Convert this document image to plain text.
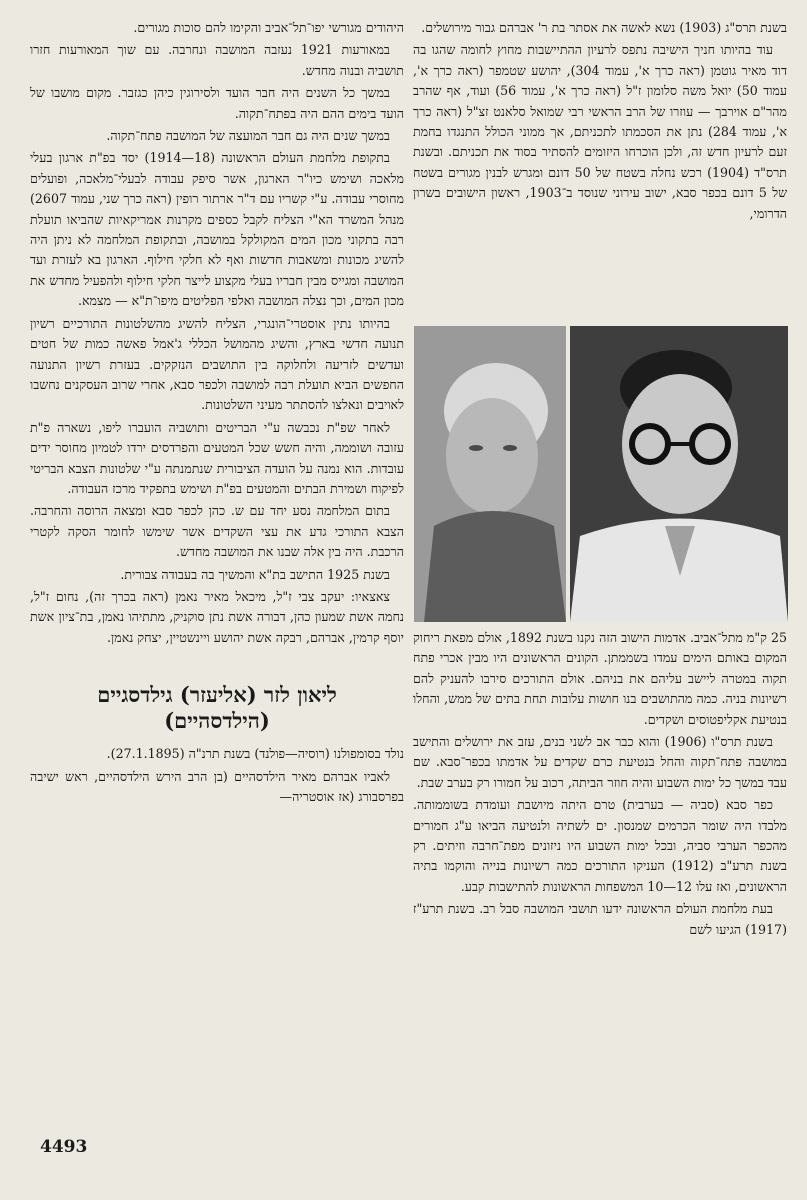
בשנת תרס"ג (1903) נשא לאשה את אסתר בת ר' אברהם גבור מירושלים.

עוד בהיותו חניך הישיבה נתפס לרעיון ההתיישבות מחוץ לחומה שהגו בה דוד מאיר גוטמן (ראה כרך א', עמוד 304), יהושע שטמפר (ראה כרך א', עמוד 50) יואל משה סלומון ז"ל (ראה כרך א', עמוד 56) ועוד, אף שהרב מהר"ם אוירבך — עוזרו של הרב הראשי רבי שמואל סלאנט זצ"ל (ראה כרך א', עמוד 284) נתן את הסכמתו לתכניתם, אך ממוני הכולל התנגדו בחמת זעם לרעיון חדש זה, ולכן הוכרחו היזומים להסתיר בסוד את תכניתם. ובשנת תרס"ד (1904) רכש נחלה בשטח של 50 דונם ומגרש לבנין מגורים בשטח של 5 דונם בכפר סבא, ישוב עירוני שנוסד ב־1903, ראשון הישובים בשרון הדרומי,

25 ק"מ מתל־אביב. אדמות הישוב הזה נקנו בשנת 1892, אולם מפאת ריחוק המקום באותם הימים עמדו בשממתן. הקונים הראשונים היו מבין אכרי פתח תקוה במטרה ליישב עליהם את בניהם. אולם התורכים סירבו להעניק להם רשיונות בניה. כמה מהתושבים בנו חושות עלובות תחת בתים של ממש, והחלו בנטיעת אקליפטוסים ושקדים.

בשנת תרס"ו (1906) והוא כבר אב לשני בנים, עזב את ירושלים והתישב במושבה פתח־תקוה והחל בנטיעת כרם שקדים על אדמתו בכפר־סבא. שם עבד במשך כל ימות השבוע והיה חוזר הביתה, רכוב על חמורו רק בערב שבת.

כפר סבא (סביה — בערבית) טרם היתה מיושבת ועומדת בשוממותה. מלבדו היה שומר הכרמים שמנסון. ים לשתיה ולנטיעה הביאו ע"ג חמורים מהכפר הערבי סביה, ובכל ימות השבוע היו ניזונים מפת־חרבה וזיתים. רק בשנת תרע"ב (1912) העניקו התורכים כמה רשיונות בנייה והוקמו בתיה הראשונים, ואז עלו 12—10 המשפחות הראשונות להתישבות קבע.

בעת מלחמת העולם הראשונה ידעו תושבי המושבה סבל רב. בשנת תרע"ז (1917) הגיעו לשם

היהודים מגורשי יפו־תל־אביב והקימו להם סוכות מגורים.

במאורעות 1921 נעזבה המושבה ונחרבה. עם שוך המאורעות חזרו תושביה ובנוה מחדש.

במשך כל השנים היה חבר הועד ולסירוגין כיהן כגזבר. מקום מושבו של הועד בימים ההם היה בפתח־תקוה.

במשך שנים היה גם חבר המועצה של המושבה פתח־תקוה.

בתקופת מלחמת העולם הראשונה (18—1914) יסד בפ"ת ארגון בעלי מלאכה ושימש כיו"ר הארגון, אשר סיפק עבודה לבעלי־מלאכה, ופועלים מחוסרי עבודה. ע"י קשריו עם ד"ר ארתור רופין (ראה כרך שני, עמוד 2607) מנהל המשרד הא"י הצליח לקבל כספים מקרנות אמריקאיות שהביאו תועלת רבה בתקוני מכון המים המקולקל במושבה, ובתקופת המלחמה לא ניתן היה להשיג מכונות ומשאבות חדשות ואף לא חלקי חילוף. הארגון בא לעזרת ועד המושבה ומגייס מבין חבריו בעלי מקצוע לייצר חלקי חילוף ולהפעיל מחדש את מכון המים, וכך נצלה המושבה ואלפי הפליטים מיפו־ת"א — מצמא.

בהיותו נתין אוסטרי־הונגרי, הצליח להשיג מהשלטונות התורכיים רשיון תנועה חדשי בארץ, והשיג מהמושל הכללי ג'אמל פאשה כמות של חטים ועדשים לזריעה ולחלוקה בין התושבים הנזקקים. בעזרת רשיון התנועה החפשים הביא תועלת רבה למושבה ולכפר סבא, אחרי שרוב העסקנים נחשבו לאויבים ונאלצו להסתתר מעיני השלטונות.

לאחר שפ"ת נכבשה ע"י הבריטים ותושביה הועברו ליפו, נשארה פ"ת עזובה ושוממה, והיה חשש שכל המטעים והפרדסים ירדו לטמיון מחוסר ידים עובדות. הוא נמנה על הועדה הציבורית שנתמנתה ע"י שלטונות הצבא הבריטי לפיקוח ושמירת הבתים והמטעים בפ"ת ושימש בתפקיד מרכז העבודה.

בתום המלחמה נסע יחד עם ש. כהן לכפר סבא ומצאה הרוסה והחרבה. הצבא התורכי גדע את עצי השקדים אשר שימשו לחומר הסקה לקטרי הרכבת. היה בין אלה שבנו את המושבה מחדש.

בשנת 1925 התישב בת"א והמשיך בה בעבודה צבורית.

צאצאיו: יעקב צבי ז"ל, מיכאל מאיר נאמן (ראה בכרך זה), נחום ז"ל, נחמה אשת שמעון כהן, דבורה אשת נתן סוקניק, מתתיהו נאמן, בת־ציון אשת יוסף קרמין, אברהם, רבקה אשת יהושע ויינשטיין, יצחק נאמן.

ליאון לזר (אליעזר) גילדסגיים
(הילדסהיים)

נולד בסומפולנו (רוסיה—פולנד) בשנת תרנ"ה (27.1.1895).

לאביו אברהם מאיר הילדסהיים (בן הרב הירש הילדסהיים, ראש ישיבה בפרסבורג (אז אוסטריה—

4493
